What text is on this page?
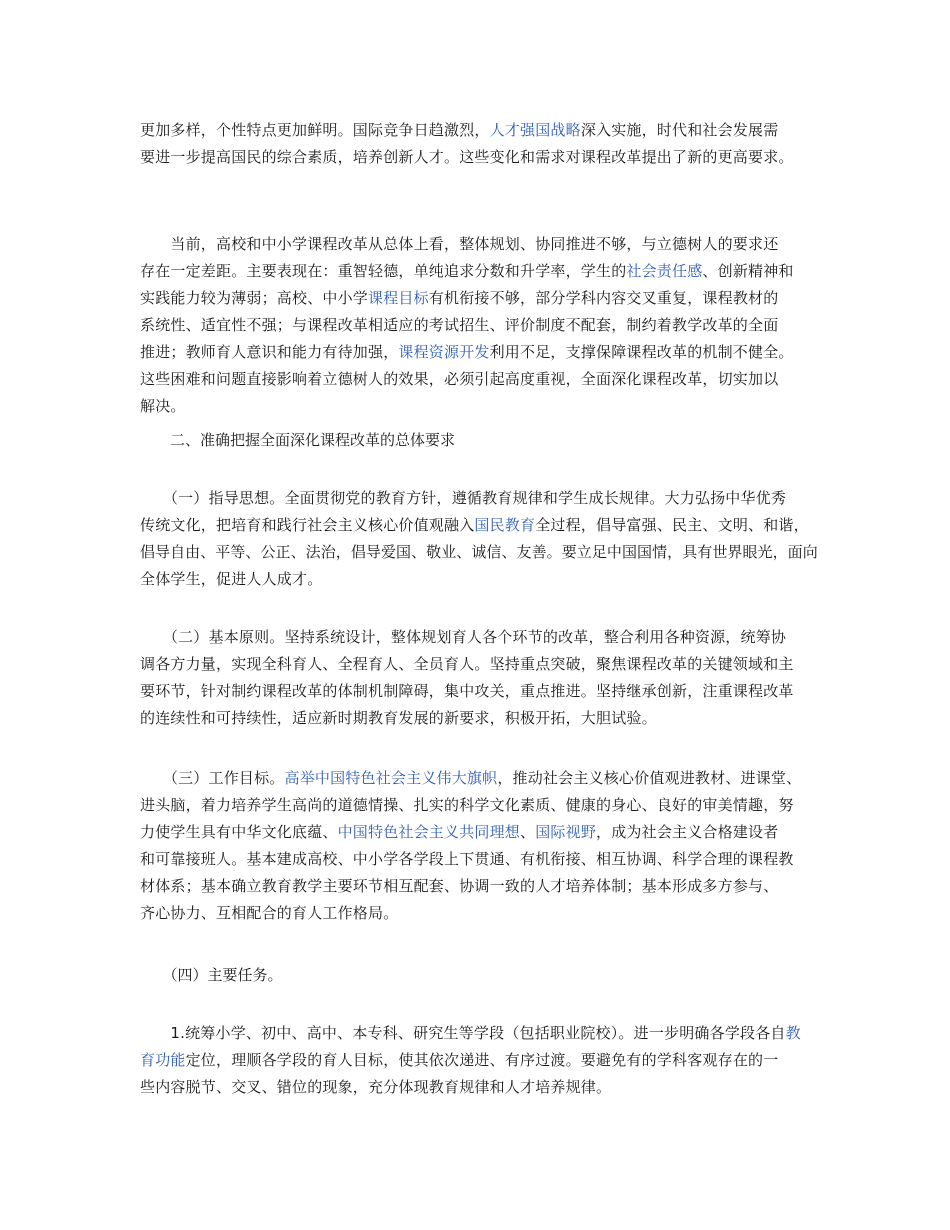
更加多样，个性特点更加鲜明。国际竞争日趋激烈，人才强国战略深入实施，时代和社会发展需
要进一步提高国民的综合素质，培养创新人才。这些变化和需求对课程改革提出了新的更高要求。

　　当前，高校和中小学课程改革从总体上看，整体规划、协同推进不够，与立德树人的要求还
存在一定差距。主要表现在：重智轻德，单纯追求分数和升学率，学生的社会责任感、创新精神和
实践能力较为薄弱；高校、中小学课程目标有机衔接不够，部分学科内容交叉重复，课程教材的
系统性、适宜性不强；与课程改革相适应的考试招生、评价制度不配套，制约着教学改革的全面
推进；教师育人意识和能力有待加强，课程资源开发利用不足，支撑保障课程改革的机制不健全。
这些困难和问题直接影响着立德树人的效果，必须引起高度重视，全面深化课程改革，切实加以
解决。

　　二、准确把握全面深化课程改革的总体要求

　　（一）指导思想。全面贯彻党的教育方针，遵循教育规律和学生成长规律。大力弘扬中华优秀
传统文化，把培育和践行社会主义核心价值观融入国民教育全过程，倡导富强、民主、文明、和谐，
倡导自由、平等、公正、法治，倡导爱国、敬业、诚信、友善。要立足中国国情，具有世界眼光，面向
全体学生，促进人人成才。

　　（二）基本原则。坚持系统设计，整体规划育人各个环节的改革，整合利用各种资源，统筹协
调各方力量，实现全科育人、全程育人、全员育人。坚持重点突破，聚焦课程改革的关键领域和主
要环节，针对制约课程改革的体制机制障碍，集中攻关，重点推进。坚持继承创新，注重课程改革
的连续性和可持续性，适应新时期教育发展的新要求，积极开拓，大胆试验。

　　（三）工作目标。高举中国特色社会主义伟大旗帜，推动社会主义核心价值观进教材、进课堂、
进头脑，着力培养学生高尚的道德情操、扎实的科学文化素质、健康的身心、良好的审美情趣，努
力使学生具有中华文化底蕴、中国特色社会主义共同理想、国际视野，成为社会主义合格建设者
和可靠接班人。基本建成高校、中小学各学段上下贯通、有机衔接、相互协调、科学合理的课程教
材体系；基本确立教育教学主要环节相互配套、协调一致的人才培养体制；基本形成多方参与、
齐心协力、互相配合的育人工作格局。

　　（四）主要任务。

　　1.统筹小学、初中、高中、本专科、研究生等学段（包括职业院校）。进一步明确各学段各自教
育功能定位，理顺各学段的育人目标，使其依次递进、有序过渡。要避免有的学科客观存在的一
些内容脱节、交叉、错位的现象，充分体现教育规律和人才培养规律。
